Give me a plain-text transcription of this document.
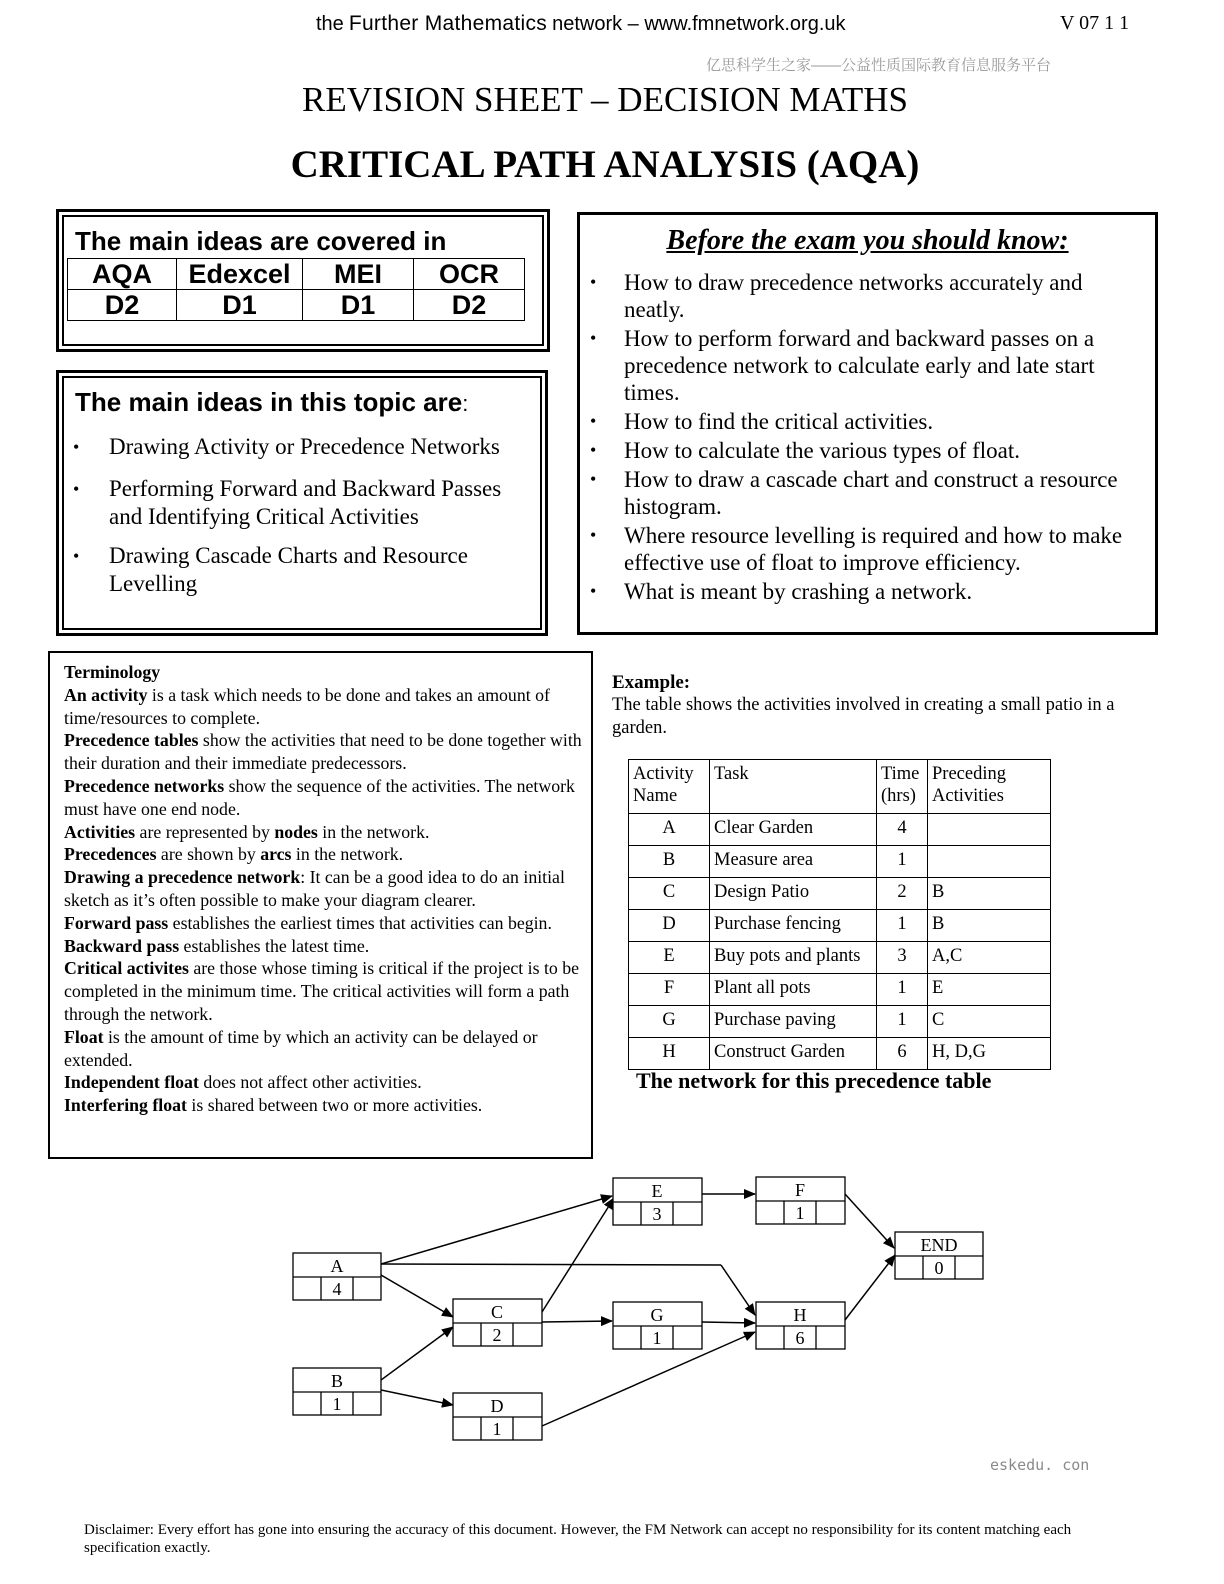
the Further Mathematics network – www.fmnetwork.org.uk	V 07 1 1
亿思科学生之家——公益性质国际教育信息服务平台
REVISION SHEET – DECISION MATHS
CRITICAL PATH ANALYSIS (AQA)
The main ideas are covered in
AQA	Edexcel	MEI	OCR
D2	D1	D1	D2
The main ideas in this topic are:
• Drawing Activity or Precedence Networks
• Performing Forward and Backward Passes and Identifying Critical Activities
• Drawing Cascade Charts and Resource Levelling
Before the exam you should know:
• How to draw precedence networks accurately and neatly.
• How to perform forward and backward passes on a precedence network to calculate early and late start times.
• How to find the critical activities.
• How to calculate the various types of float.
• How to draw a cascade chart and construct a resource histogram.
• Where resource levelling is required and how to make effective use of float to improve efficiency.
• What is meant by crashing a network.
Terminology
An activity is a task which needs to be done and takes an amount of time/resources to complete.
Precedence tables show the activities that need to be done together with their duration and their immediate predecessors.
Precedence networks show the sequence of the activities. The network must have one end node.
Activities are represented by nodes in the network.
Precedences are shown by arcs in the network.
Drawing a precedence network: It can be a good idea to do an initial sketch as it’s often possible to make your diagram clearer.
Forward pass establishes the earliest times that activities can begin.
Backward pass establishes the latest time.
Critical activites are those whose timing is critical if the project is to be completed in the minimum time. The critical activities will form a path through the network.
Float is the amount of time by which an activity can be delayed or extended.
Independent float does not affect other activities.
Interfering float is shared between two or more activities.
Example:
The table shows the activities involved in creating a small patio in a garden.
Activity Name	Task	Time (hrs)	Preceding Activities
A	Clear Garden	4	
B	Measure area	1	
C	Design Patio	2	B
D	Purchase fencing	1	B
E	Buy pots and plants	3	A,C
F	Plant all pots	1	E
G	Purchase paving	1	C
H	Construct Garden	6	H, D,G
The network for this precedence table
A
4
B
1
C
2
D
1
E
3
G
1
F
1
H
6
END
0
eskedu. con
Disclaimer: Every effort has gone into ensuring the accuracy of this document. However, the FM Network can accept no responsibility for its content matching each specification exactly.
